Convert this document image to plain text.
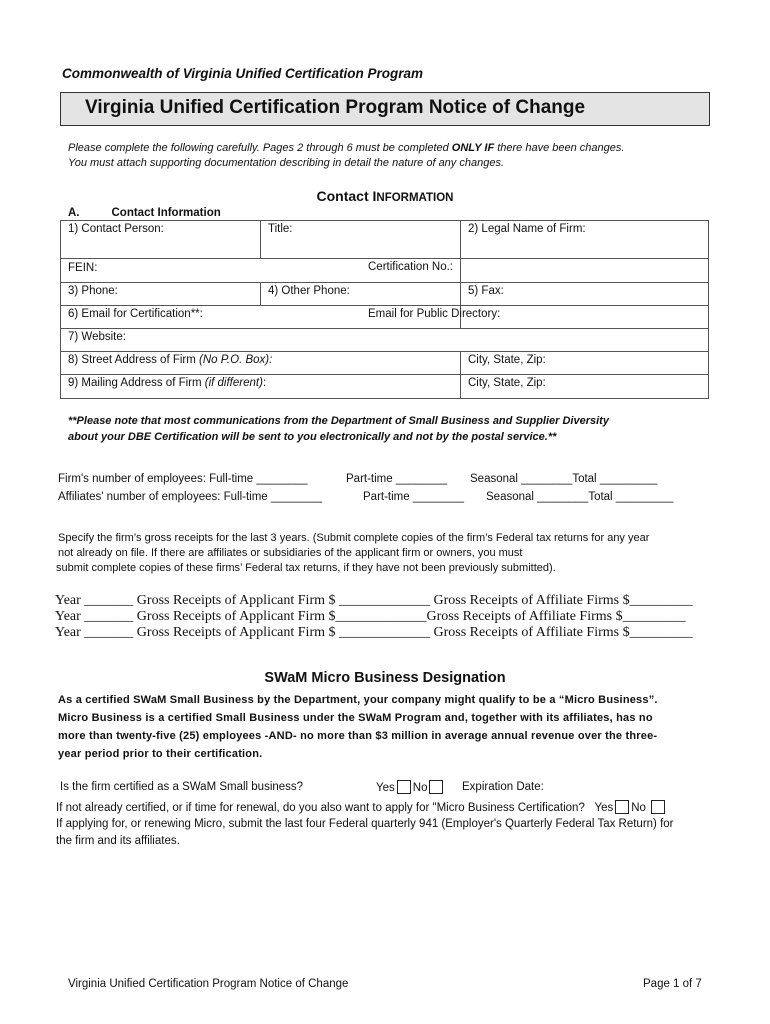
Commonwealth of Virginia Unified Certification Program
Virginia Unified Certification Program Notice of Change
Please complete the following carefully. Pages 2 through 6 must be completed ONLY IF there have been changes.
You must attach supporting documentation describing in detail the nature of any changes.
Contact INFORMATION
A.	Contact Information
1) Contact Person:	Title:	2) Legal Name of Firm:
FEIN:		Certification No.:
3) Phone:	4) Other Phone:	5) Fax:
6) Email for Certification**:		Email for Public Directory:
7) Website:		
8) Street Address of Firm (No P.O. Box):		City, State, Zip:
9) Mailing Address of Firm (if different):		City, State, Zip:
**Please note that most communications from the Department of Small Business and Supplier Diversity
about your DBE Certification will be sent to you electronically and not by the postal service.**
Firm's number of employees: Full-time ________	Part-time ________ Seasonal ________Total _________
Affiliates' number of employees: Full-time ________	Part-time ________ Seasonal ________Total _________
Specify the firm’s gross receipts for the last 3 years. (Submit complete copies of the firm’s Federal tax returns for any year
not already on file. If there are affiliates or subsidiaries of the applicant firm or owners, you must
submit complete copies of these firms’ Federal tax returns, if they have not been previously submitted).
Year _______ Gross Receipts of Applicant Firm $ _____________ Gross Receipts of Affiliate Firms $_________
Year _______ Gross Receipts of Applicant Firm $_____________Gross Receipts of Affiliate Firms $_________
Year _______ Gross Receipts of Applicant Firm $ _____________ Gross Receipts of Affiliate Firms $_________
SWaM Micro Business Designation
As a certified SWaM Small Business by the Department, your company might qualify to be a “Micro Business”.
Micro Business is a certified Small Business under the SWaM Program and, together with its affiliates, has no
more than twenty-five (25) employees -AND- no more than $3 million in average annual revenue over the three-
year period prior to their certification.
Is the firm certified as a SWaM Small business?	Yes No	Expiration Date:
If not already certified, or if time for renewal, do you also want to apply for "Micro Business Certification? Yes No
If applying for, or renewing Micro, submit the last four Federal quarterly 941 (Employer's Quarterly Federal Tax Return) for
the firm and its affiliates.
Virginia Unified Certification Program Notice of Change	Page 1 of 7
